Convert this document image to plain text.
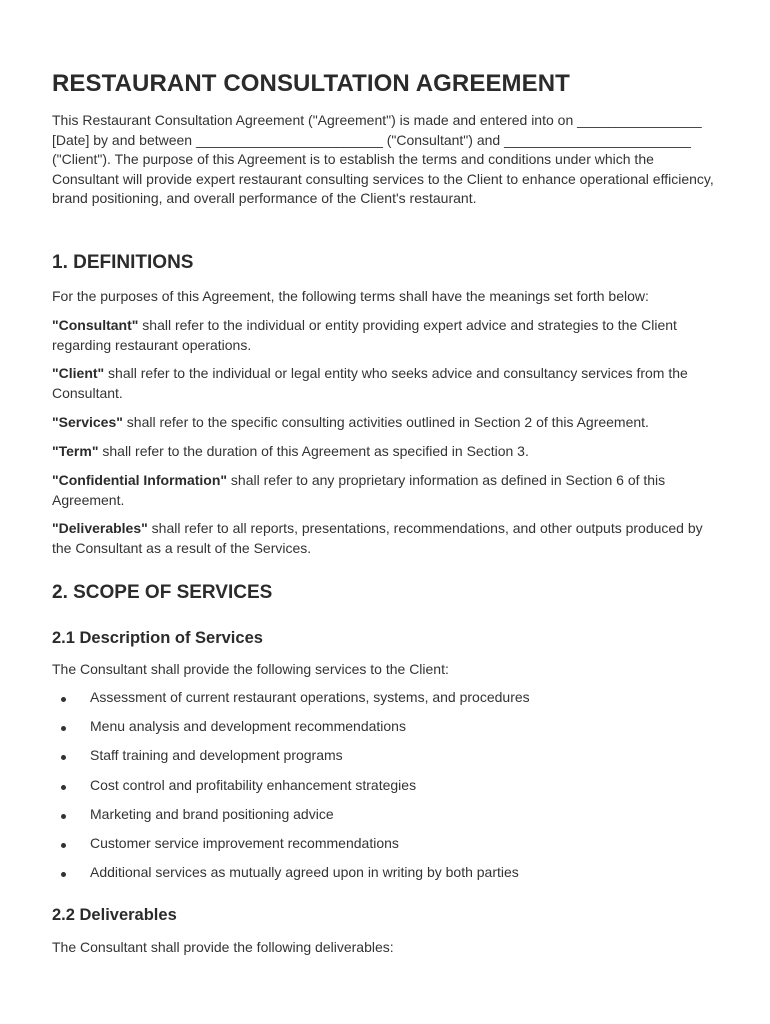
RESTAURANT CONSULTATION AGREEMENT

This Restaurant Consultation Agreement ("Agreement") is made and entered into on ________________ [Date] by and between ________________________ ("Consultant") and ________________________ ("Client"). The purpose of this Agreement is to establish the terms and conditions under which the Consultant will provide expert restaurant consulting services to the Client to enhance operational efficiency, brand positioning, and overall performance of the Client's restaurant.

1. DEFINITIONS

For the purposes of this Agreement, the following terms shall have the meanings set forth below:

"Consultant" shall refer to the individual or entity providing expert advice and strategies to the Client regarding restaurant operations.

"Client" shall refer to the individual or legal entity who seeks advice and consultancy services from the Consultant.

"Services" shall refer to the specific consulting activities outlined in Section 2 of this Agreement.

"Term" shall refer to the duration of this Agreement as specified in Section 3.

"Confidential Information" shall refer to any proprietary information as defined in Section 6 of this Agreement.

"Deliverables" shall refer to all reports, presentations, recommendations, and other outputs produced by the Consultant as a result of the Services.

2. SCOPE OF SERVICES
2.1 Description of Services

The Consultant shall provide the following services to the Client:

Assessment of current restaurant operations, systems, and procedures
Menu analysis and development recommendations
Staff training and development programs
Cost control and profitability enhancement strategies
Marketing and brand positioning advice
Customer service improvement recommendations
Additional services as mutually agreed upon in writing by both parties
2.2 Deliverables

The Consultant shall provide the following deliverables:
